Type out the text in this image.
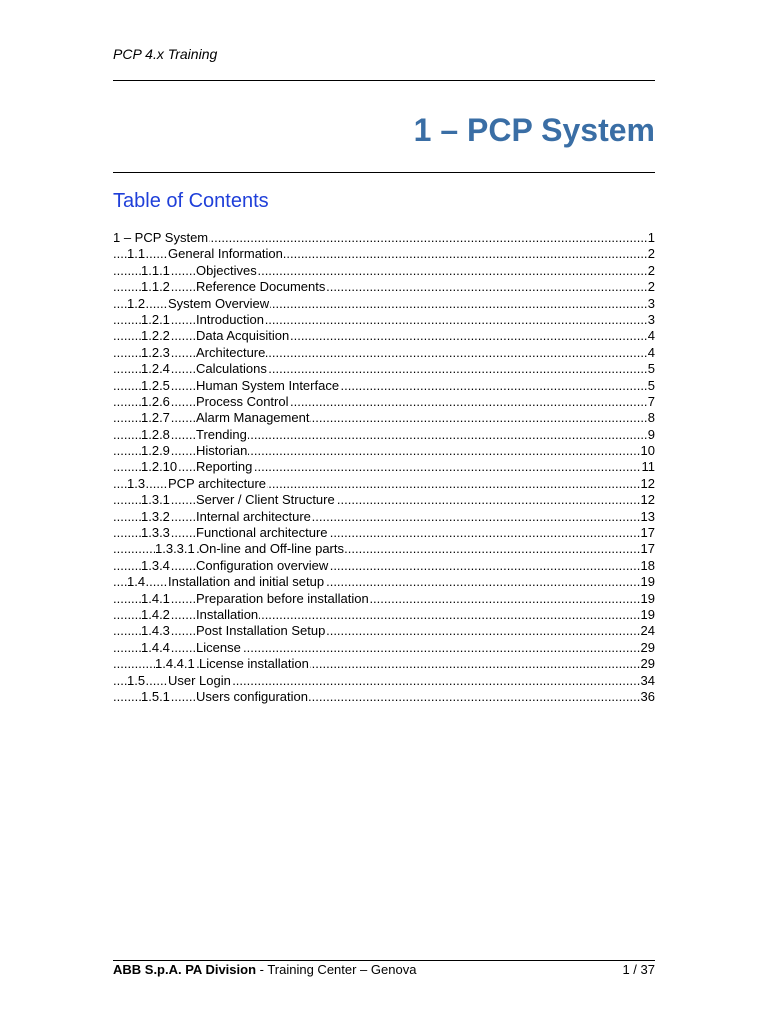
PCP 4.x Training
1 – PCP System
Table of Contents
.....
1 – PCP System	1
.....
1.1 General Information	2
.....
1.1.1 Objectives	2
.....
1.1.2 Reference Documents	2
.....
1.2 System Overview	3
.....
1.2.1 Introduction	3
.....
1.2.2 Data Acquisition	4
.....
1.2.3 Architecture	4
.....
1.2.4 Calculations	5
.....
1.2.5 Human System Interface	5
.....
1.2.6 Process Control	7
.....
1.2.7 Alarm Management	8
.....
1.2.8 Trending	9
.....
1.2.9 Historian	10
.....
1.2.10 Reporting	11
.....
1.3 PCP architecture	12
.....
1.3.1 Server / Client Structure	12
.....
1.3.2 Internal architecture	13
.....
1.3.3 Functional architecture	17
.....
1.3.3.1 On-line and Off-line parts	17
.....
1.3.4 Configuration overview	18
.....
1.4 Installation and initial setup	19
.....
1.4.1 Preparation before installation	19
.....
1.4.2 Installation	19
.....
1.4.3 Post Installation Setup	24
.....
1.4.4 License	29
.....
1.4.4.1 License installation	29
.....
1.5 User Login	34
.....
1.5.1 Users configuration	36
ABB S.p.A. PA Division - Training Center – Genova	1 / 37
